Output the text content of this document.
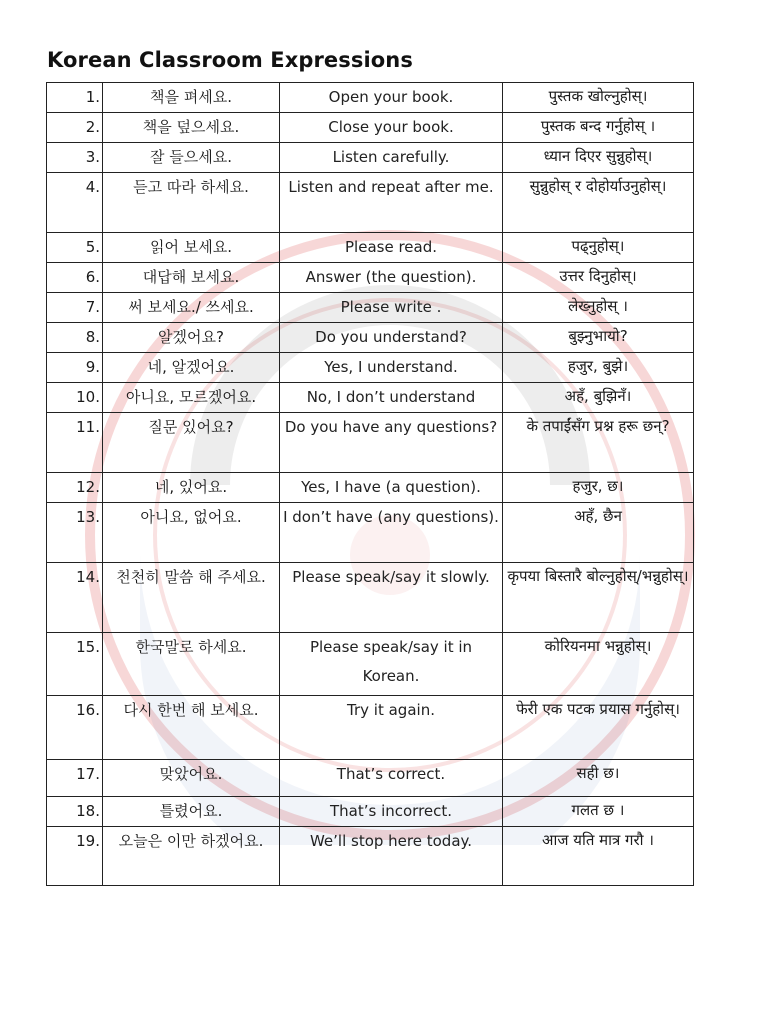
Korean Classroom Expressions
1.	책을 펴세요.	Open your book.	पुस्तक खोल्नुहोस्।
2.	책을 덮으세요.	Close your book.	पुस्तक बन्द गर्नुहोस् ।
3.	잘 들으세요.	Listen carefully.	ध्यान दिएर सुन्नुहोस्।
4.	듣고 따라 하세요.	Listen and repeat after me.	सुन्नुहोस् र दोहोर्याउनुहोस्।
5.	읽어 보세요.	Please read.	पढ्नुहोस्।
6.	대답해 보세요.	Answer (the question).	उत्तर दिनुहोस्।
7.	써 보세요./ 쓰세요.	Please write .	लेख्नुहोस् ।
8.	알겠어요?	Do you understand?	बुझ्नुभायो?
9.	네, 알겠어요.	Yes, I understand.	हजुर, बुझे।
10.	아니요, 모르겠어요.	No, I don’t understand	अहँ, बुझिनँ।
11.	질문 있어요?	Do you have any questions?	के तपाईंसँग प्रश्न हरू छन्?
12.	네, 있어요.	Yes, I have (a question).	हजुर, छ।
13.	아니요, 없어요.	I don’t have (any questions).	अहँ, छैन
14.	천천히 말씀 해 주세요.	Please speak/say it slowly.	कृपया बिस्तारै बोल्नुहोस्/भन्नुहोस्।
15.	한국말로 하세요.	Please speak/say it in Korean.	कोरियनमा भन्नुहोस्।
16.	다시 한번 해 보세요.	Try it again.	फेरी एक पटक प्रयास गर्नुहोस्।
17.	맞았어요.	That’s correct.	सही छ।
18.	틀렸어요.	That’s incorrect.	गलत छ ।
19.	오늘은 이만 하겠어요.	We’ll stop here today.	आज यति मात्र गरौ ।
